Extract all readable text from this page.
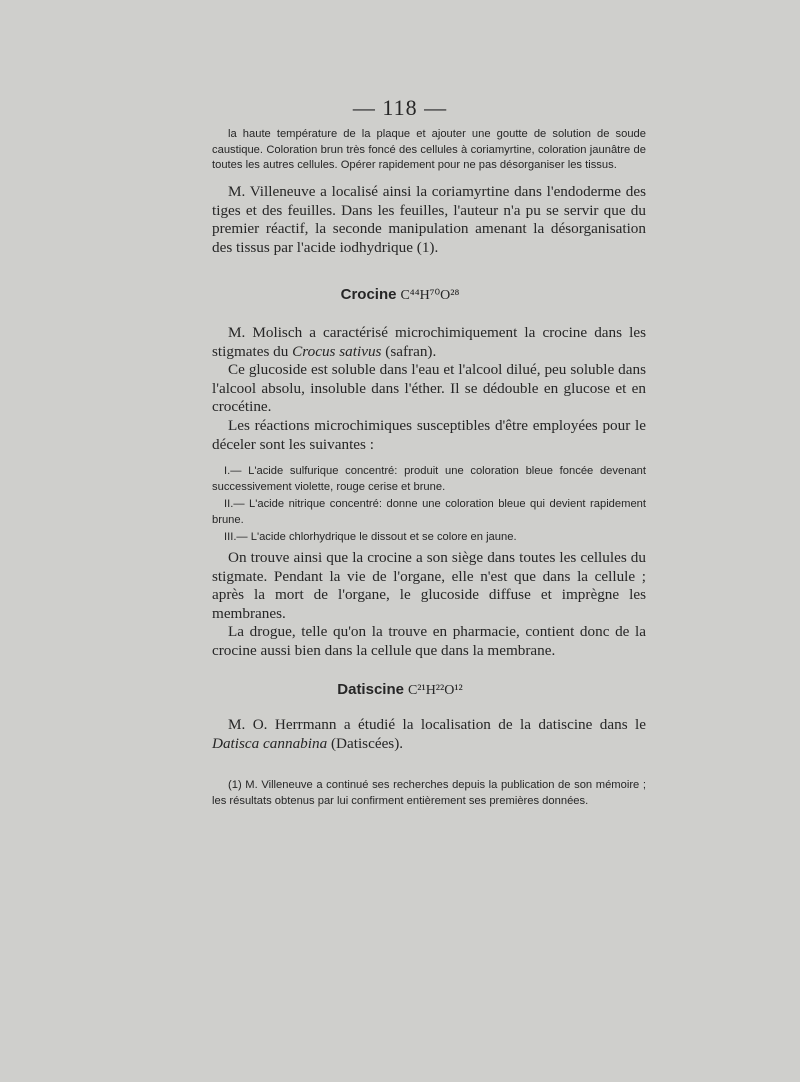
— 118 —

la haute température de la plaque et ajouter une goutte de solution de soude caustique. Coloration brun très foncé des cellules à coriamyrtine, coloration jaunâtre de toutes les autres cellules. Opérer rapidement pour ne pas désorganiser les tissus.

M. Villeneuve a localisé ainsi la coriamyrtine dans l'endoderme des tiges et des feuilles. Dans les feuilles, l'auteur n'a pu se servir que du premier réactif, la seconde manipulation amenant la désorganisation des tissus par l'acide iodhydrique (1).

Crocine C⁴⁴H⁷⁰O²⁸

M. Molisch a caractérisé microchimiquement la crocine dans les stigmates du Crocus sativus (safran).

Ce glucoside est soluble dans l'eau et l'alcool dilué, peu soluble dans l'alcool absolu, insoluble dans l'éther. Il se dédouble en glucose et en crocétine.

Les réactions microchimiques susceptibles d'être employées pour le déceler sont les suivantes :

I.— L'acide sulfurique concentré: produit une coloration bleue foncée devenant successivement violette, rouge cerise et brune.

II.— L'acide nitrique concentré: donne une coloration bleue qui devient rapidement brune.

III.— L'acide chlorhydrique le dissout et se colore en jaune.

On trouve ainsi que la crocine a son siège dans toutes les cellules du stigmate. Pendant la vie de l'organe, elle n'est que dans la cellule ; après la mort de l'organe, le glucoside diffuse et imprègne les membranes.

La drogue, telle qu'on la trouve en pharmacie, contient donc de la crocine aussi bien dans la cellule que dans la membrane.

Datiscine C²¹H²²O¹²

M. O. Herrmann a étudié la localisation de la datiscine dans le Datisca cannabina (Datiscées).

(1) M. Villeneuve a continué ses recherches depuis la publication de son mémoire ; les résultats obtenus par lui confirment entièrement ses premières données.
